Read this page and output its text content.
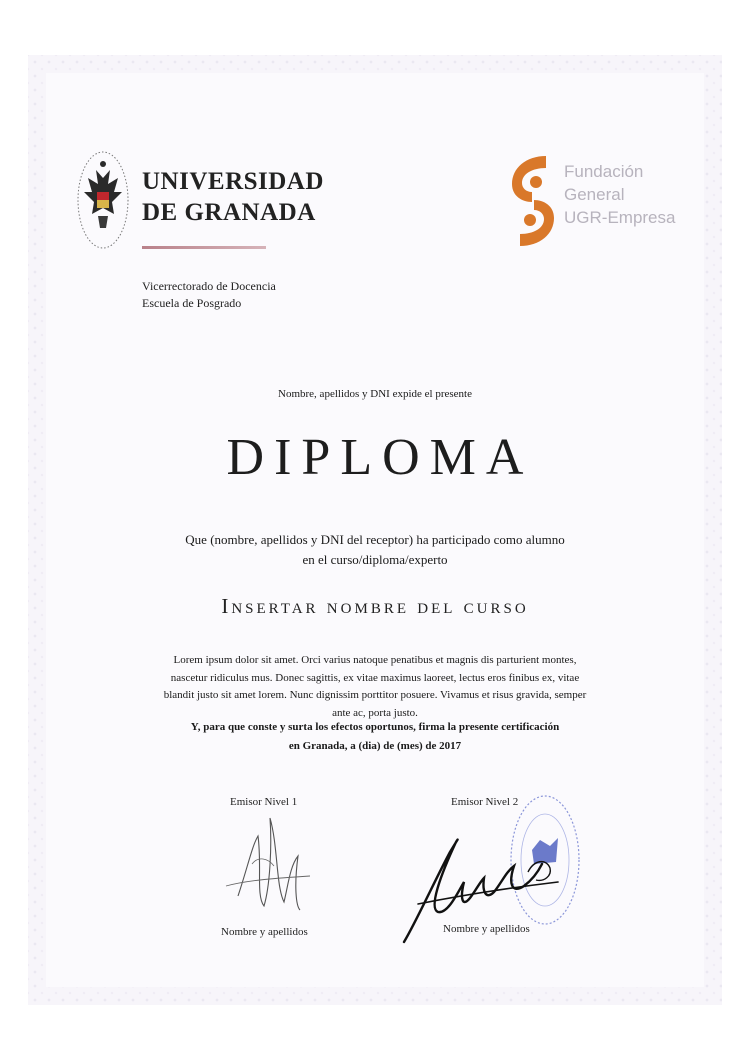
UNIVERSIDAD
DE GRANADA
Vicerrectorado de Docencia
Escuela de Posgrado
Fundación
General
UGR-Empresa
Nombre, apellidos y DNI expide el presente
DIPLOMA
Que (nombre, apellidos y DNI del receptor) ha participado como alumno
en el curso/diploma/experto
Insertar nombre del curso
Lorem ipsum dolor sit amet. Orci varius natoque penatibus et magnis dis parturient montes, nascetur ridiculus mus. Donec sagittis, ex vitae maximus laoreet, lectus eros finibus ex, vitae blandit justo sit amet lorem. Nunc dignissim porttitor posuere. Vivamus et risus gravida, semper ante ac, porta justo.
Y, para que conste y surta los efectos oportunos, firma la presente certificación
en Granada, a (dia) de (mes) de 2017
Emisor Nivel 1	Emisor Nivel 2
Nombre y apellidos	Nombre y apellidos
